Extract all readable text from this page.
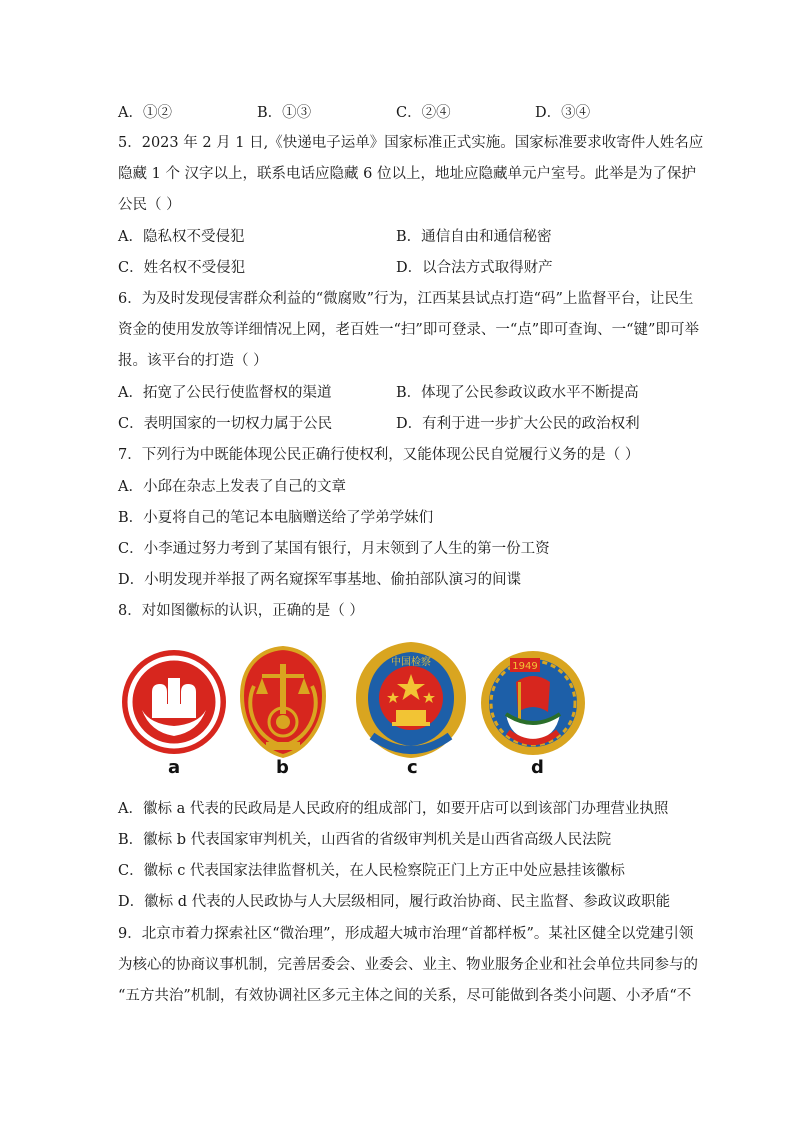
A．①②	B．①③	C．②④	D．③④
5．2023 年 2 月 1 日,《快递电子运单》国家标准正式实施。国家标准要求收寄件人姓名应
隐藏 1 个 汉字以上，联系电话应隐藏 6 位以上，地址应隐藏单元户室号。此举是为了保护
公民（ ）
A．隐私权不受侵犯	B．通信自由和通信秘密
C．姓名权不受侵犯	D．以合法方式取得财产
6．为及时发现侵害群众利益的“微腐败”行为，江西某县试点打造“码”上监督平台，让民生
资金的使用发放等详细情况上网，老百姓一“扫”即可登录、一“点”即可查询、一“键”即可举
报。该平台的打造（ ）
A．拓宽了公民行使监督权的渠道	B．体现了公民参政议政水平不断提高
C．表明国家的一切权力属于公民	D．有利于进一步扩大公民的政治权利
7．下列行为中既能体现公民正确行使权利，又能体现公民自觉履行义务的是（ ）
A．小邱在杂志上发表了自己的文章
B．小夏将自己的笔记本电脑赠送给了学弟学妹们
C．小李通过努力考到了某国有银行，月末领到了人生的第一份工资
D．小明发现并举报了两名窥探军事基地、偷拍部队演习的间谍
8．对如图徽标的认识，正确的是（ ）
a	b
中国检察
c
1949
d
A．徽标 a 代表的民政局是人民政府的组成部门，如要开店可以到该部门办理营业执照
B．徽标 b 代表国家审判机关，山西省的省级审判机关是山西省高级人民法院
C．徽标 c 代表国家法律监督机关，在人民检察院正门上方正中处应悬挂该徽标
D．徽标 d 代表的人民政协与人大层级相同，履行政治协商、民主监督、参政议政职能
9．北京市着力探索社区“微治理”，形成超大城市治理“首都样板”。某社区健全以党建引领
为核心的协商议事机制，完善居委会、业委会、业主、物业服务企业和社会单位共同参与的
“五方共治”机制，有效协调社区多元主体之间的关系，尽可能做到各类小问题、小矛盾“不
